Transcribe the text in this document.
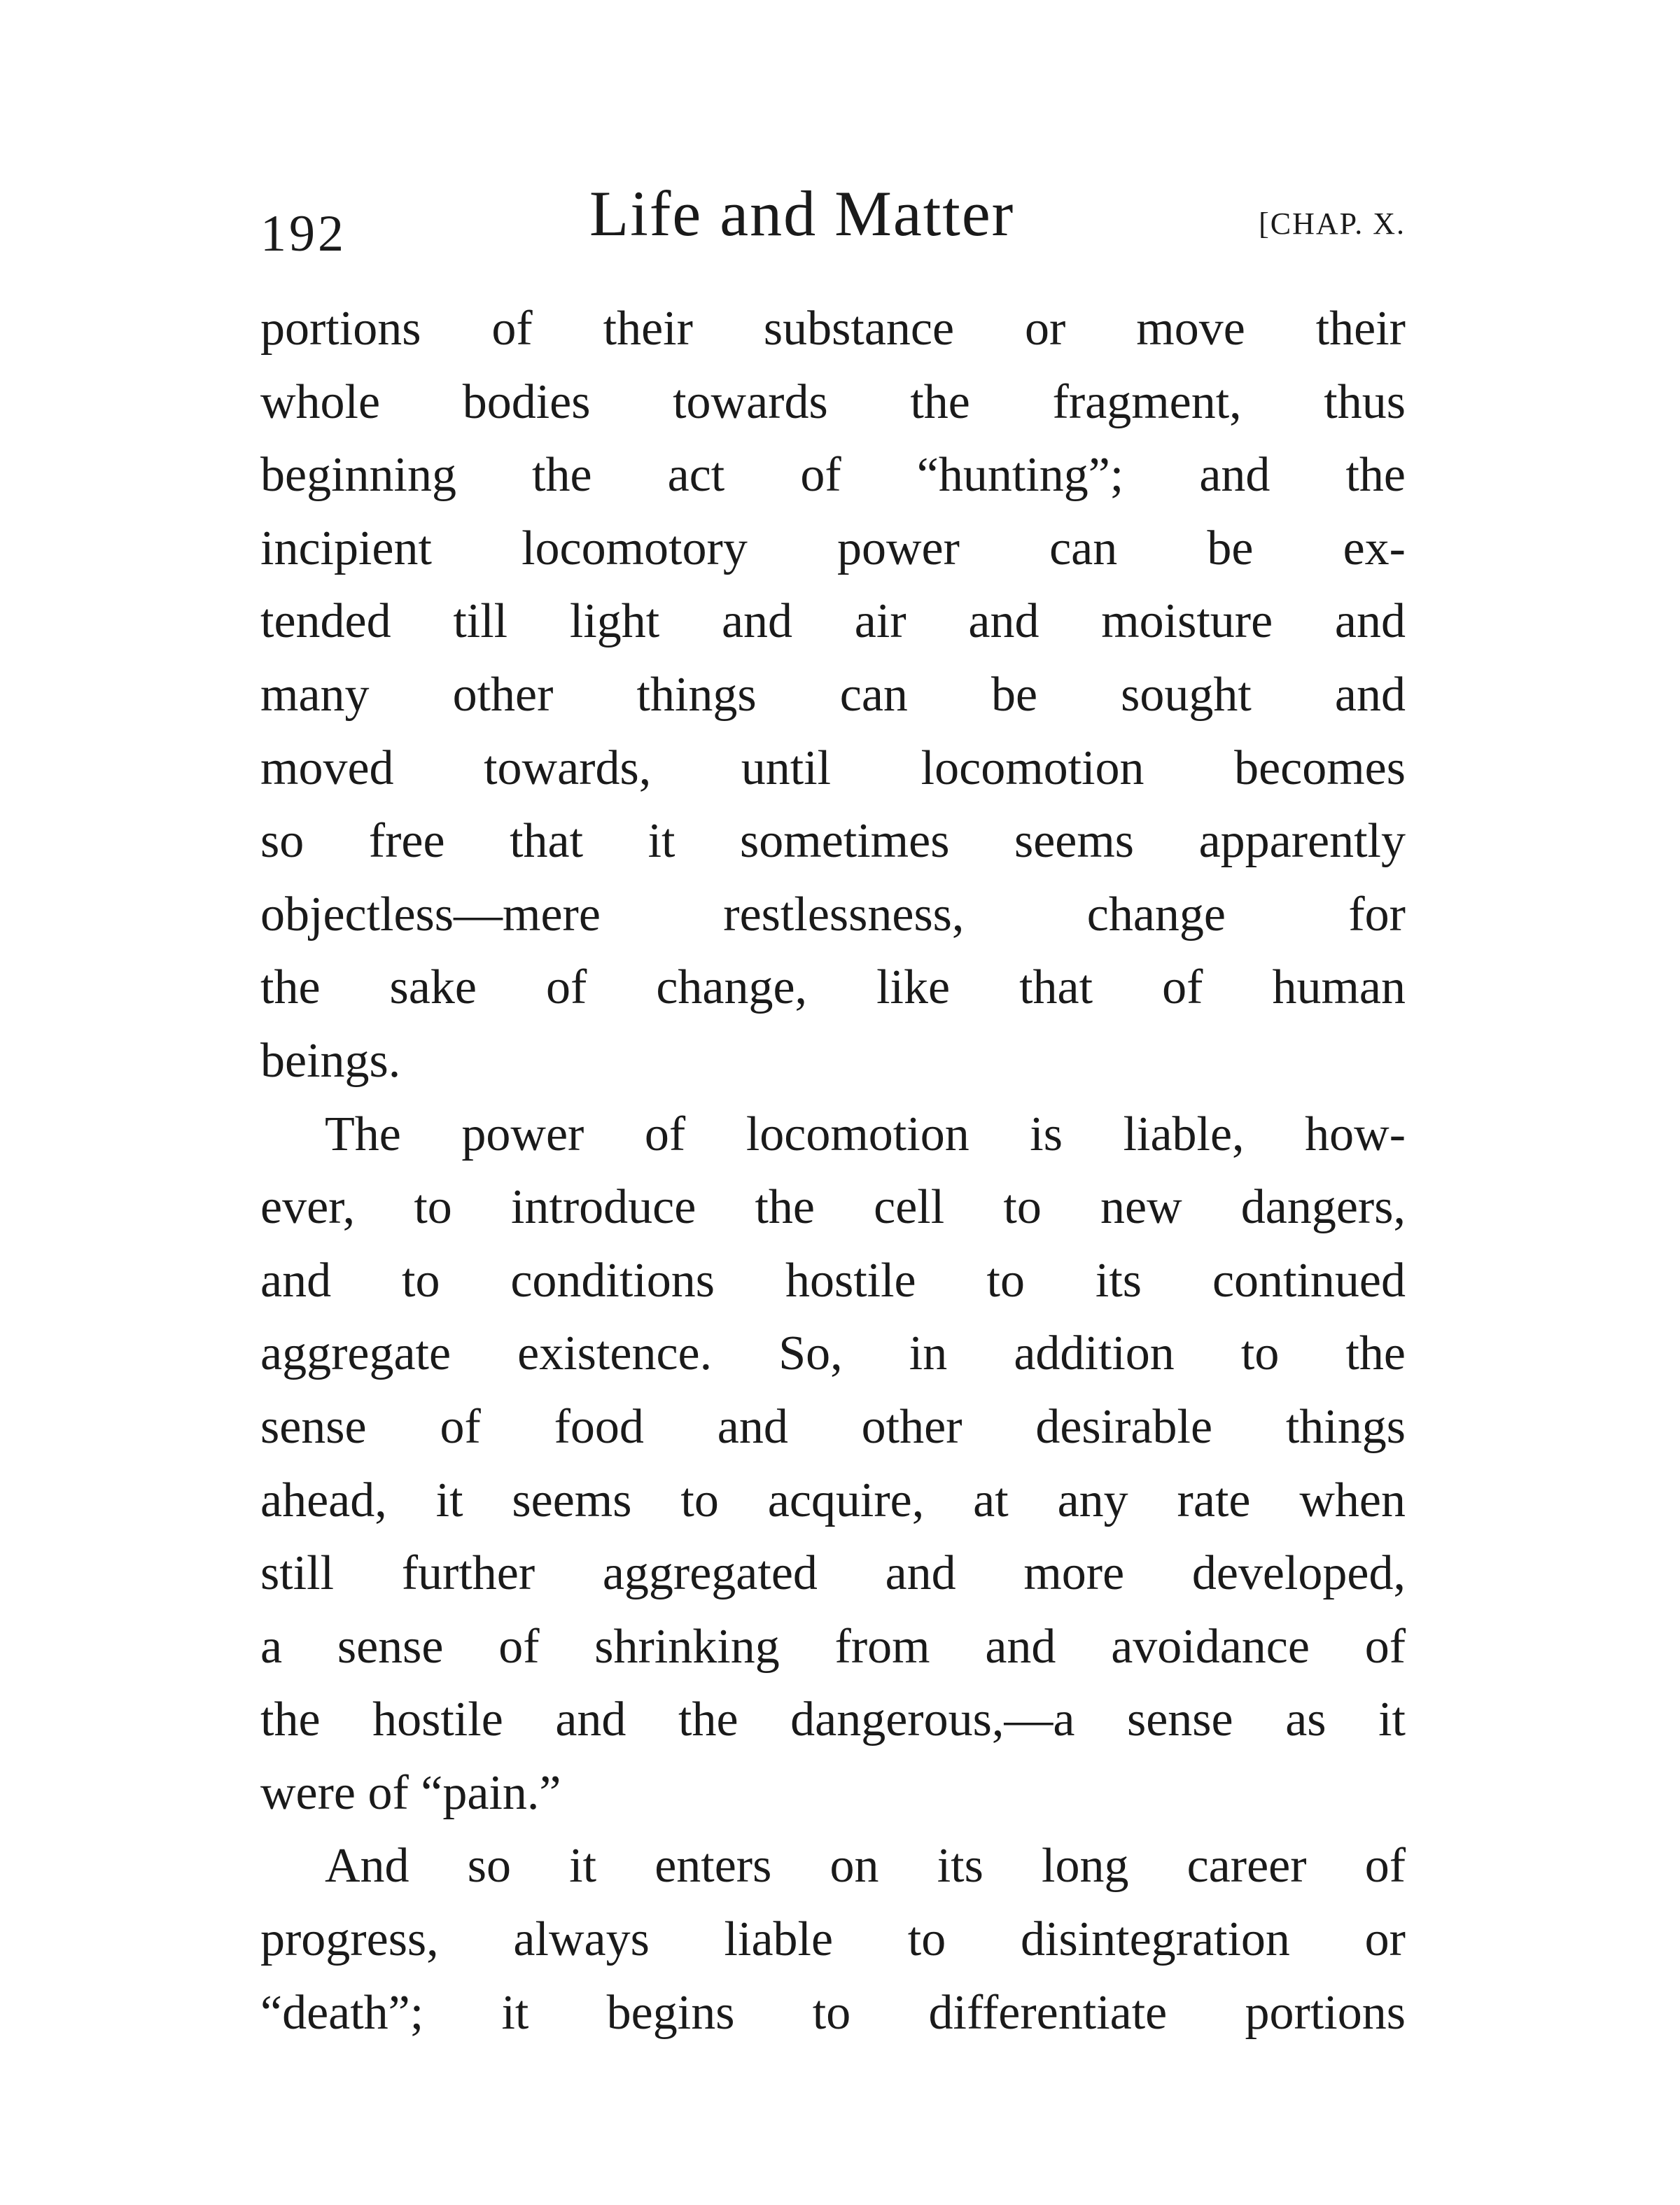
192	Life and Matter	[CHAP. X.
portions of their substance or move their
whole bodies towards the fragment, thus
beginning the act of “hunting”; and the
incipient locomotory power can be ex-
tended till light and air and moisture and
many other things can be sought and
moved towards, until locomotion becomes
so free that it sometimes seems apparently
objectless—mere restlessness, change for
the sake of change, like that of human
beings.
The power of locomotion is liable, how-
ever, to introduce the cell to new dangers,
and to conditions hostile to its continued
aggregate existence. So, in addition to the
sense of food and other desirable things
ahead, it seems to acquire, at any rate when
still further aggregated and more developed,
a sense of shrinking from and avoidance of
the hostile and the dangerous,—a sense as it
were of “pain.”
And so it enters on its long career of
progress, always liable to disintegration or
“death”; it begins to differentiate portions
